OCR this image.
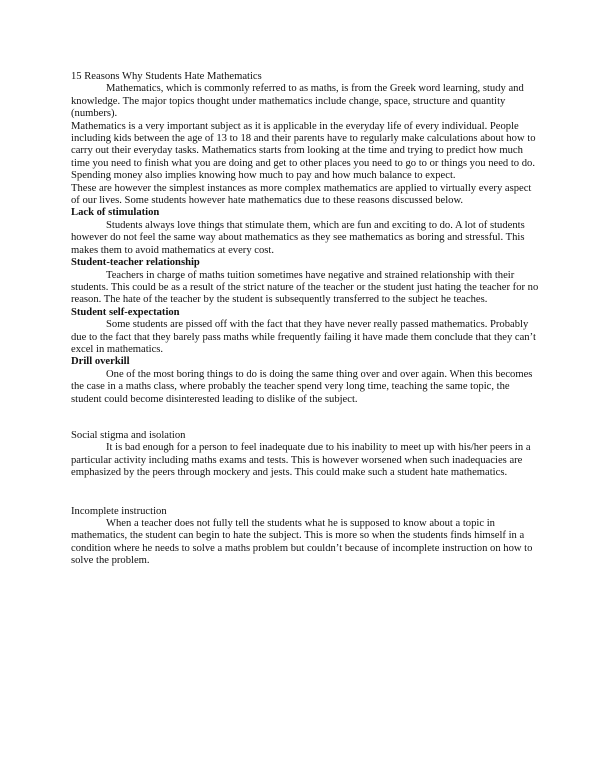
15 Reasons Why Students Hate Mathematics

Mathematics, which is commonly referred to as maths, is from the Greek word learning, study and knowledge. The major topics thought under mathematics include change, space, structure and quantity (numbers).

Mathematics is a very important subject as it is applicable in the everyday life of every individual. People including kids between the age of 13 to 18 and their parents have to regularly make calculations about how to carry out their everyday tasks. Mathematics starts from looking at the time and trying to predict how much time you need to finish what you are doing and get to other places you need to go to or things you need to do. Spending money also implies knowing how much to pay and how much balance to expect.

These are however the simplest instances as more complex mathematics are applied to virtually every aspect of our lives. Some students however hate mathematics due to these reasons discussed below.

Lack of stimulation

Students always love things that stimulate them, which are fun and exciting to do. A lot of students however do not feel the same way about mathematics as they see mathematics as boring and stressful. This makes them to avoid mathematics at every cost.

Student-teacher relationship

Teachers in charge of maths tuition sometimes have negative and strained relationship with their students. This could be as a result of the strict nature of the teacher or the student just hating the teacher for no reason. The hate of the teacher by the student is subsequently transferred to the subject he teaches.

Student self-expectation

Some students are pissed off with the fact that they have never really passed mathematics. Probably due to the fact that they barely pass maths while frequently failing it have made them conclude that they can’t excel in mathematics.

Drill overkill

One of the most boring things to do is doing the same thing over and over again. When this becomes the case in a maths class, where probably the teacher spend very long time, teaching the same topic, the student could become disinterested leading to dislike of the subject.

Social stigma and isolation

It is bad enough for a person to feel inadequate due to his inability to meet up with his/her peers in a particular activity including maths exams and tests. This is however worsened when such inadequacies are emphasized by the peers through mockery and jests. This could make such a student hate mathematics.

Incomplete instruction

When a teacher does not fully tell the students what he is supposed to know about a topic in mathematics, the student can begin to hate the subject. This is more so when the students finds himself in a condition where he needs to solve a maths problem but couldn’t because of incomplete instruction on how to solve the problem.
